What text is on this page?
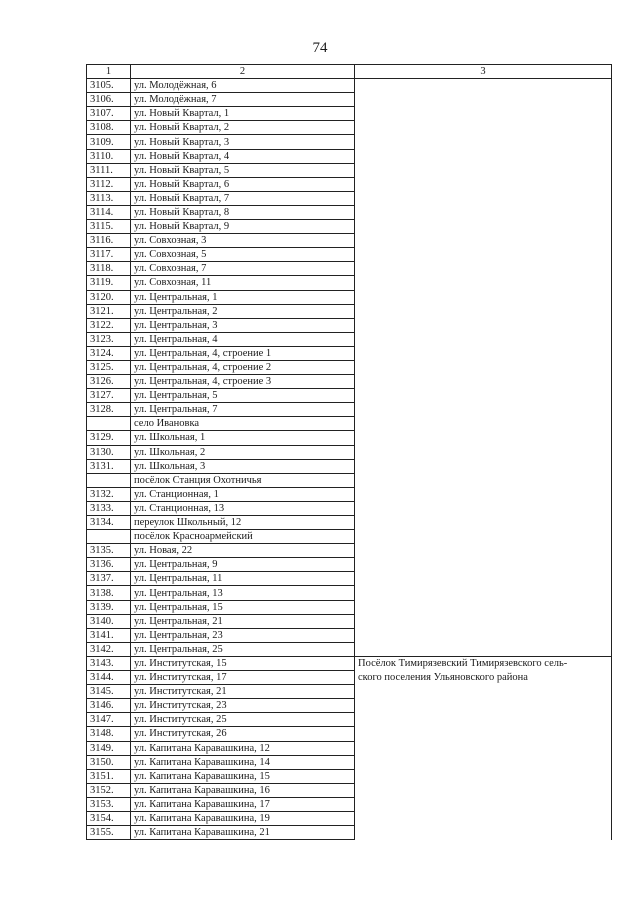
74
1	2	3
3105.	ул. Молодёжная, 6	
3106.	ул. Молодёжная, 7	
3107.	ул. Новый Квартал, 1	
3108.	ул. Новый Квартал, 2	
3109.	ул. Новый Квартал, 3	
3110.	ул. Новый Квартал, 4	
3111.	ул. Новый Квартал, 5	
3112.	ул. Новый Квартал, 6	
3113.	ул. Новый Квартал, 7	
3114.	ул. Новый Квартал, 8	
3115.	ул. Новый Квартал, 9	
3116.	ул. Совхозная, 3	
3117.	ул. Совхозная, 5	
3118.	ул. Совхозная, 7	
3119.	ул. Совхозная, 11	
3120.	ул. Центральная, 1	
3121.	ул. Центральная, 2	
3122.	ул. Центральная, 3	
3123.	ул. Центральная, 4	
3124.	ул. Центральная, 4, строение 1	
3125.	ул. Центральная, 4, строение 2	
3126.	ул. Центральная, 4, строение 3	
3127.	ул. Центральная, 5	
3128.	ул. Центральная, 7	
	село Ивановка	
3129.	ул. Школьная, 1	
3130.	ул. Школьная, 2	
3131.	ул. Школьная, 3	
	посёлок Станция Охотничья	
3132.	ул. Станционная, 1	
3133.	ул. Станционная, 13	
3134.	переулок Школьный, 12	
	посёлок Красноармейский	
3135.	ул. Новая, 22	
3136.	ул. Центральная, 9	
3137.	ул. Центральная, 11	
3138.	ул. Центральная, 13	
3139.	ул. Центральная, 15	
3140.	ул. Центральная, 21	
3141.	ул. Центральная, 23	
3142.	ул. Центральная, 25	
3143.	ул. Институтская, 15	Посёлок Тимирязевский Тимирязевского сель-
ского поселения Ульяновского района

3144.	ул. Институтская, 17	
3145.	ул. Институтская, 21	
3146.	ул. Институтская, 23	
3147.	ул. Институтская, 25	
3148.	ул. Институтская, 26	
3149.	ул. Капитана Каравашкина, 12	
3150.	ул. Капитана Каравашкина, 14	
3151.	ул. Капитана Каравашкина, 15	
3152.	ул. Капитана Каравашкина, 16	
3153.	ул. Капитана Каравашкина, 17	
3154.	ул. Капитана Каравашкина, 19	
3155.	ул. Капитана Каравашкина, 21	
